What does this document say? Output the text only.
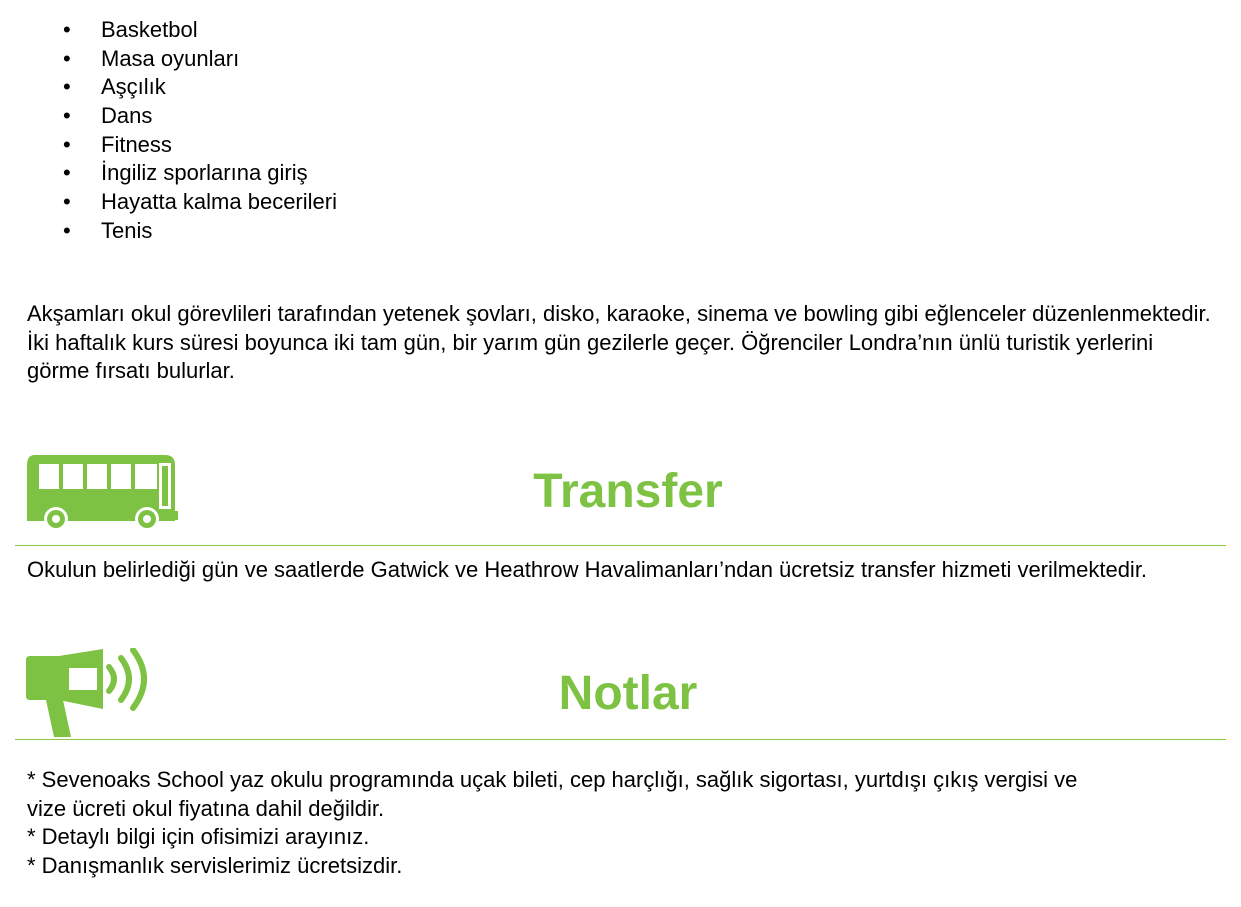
• Basketbol
• Masa oyunları
• Aşçılık
• Dans
• Fitness
• İngiliz sporlarına giriş
• Hayatta kalma becerileri
• Tenis
Akşamları okul görevlileri tarafından yetenek şovları, disko, karaoke, sinema ve bowling gibi eğlenceler düzenlenmektedir. İki haftalık kurs süresi boyunca iki tam gün, bir yarım gün gezilerle geçer. Öğrenciler Londra’nın ünlü turistik yerlerini görme fırsatı bulurlar.
Transfer
Okulun belirlediği gün ve saatlerde Gatwick ve Heathrow Havalimanları’ndan ücretsiz transfer hizmeti verilmektedir.
Notlar
* Sevenoaks School yaz okulu programında uçak bileti, cep harçlığı, sağlık sigortası, yurtdışı çıkış vergisi ve
vize ücreti okul fiyatına dahil değildir.
* Detaylı bilgi için ofisimizi arayınız.
* Danışmanlık servislerimiz ücretsizdir.
